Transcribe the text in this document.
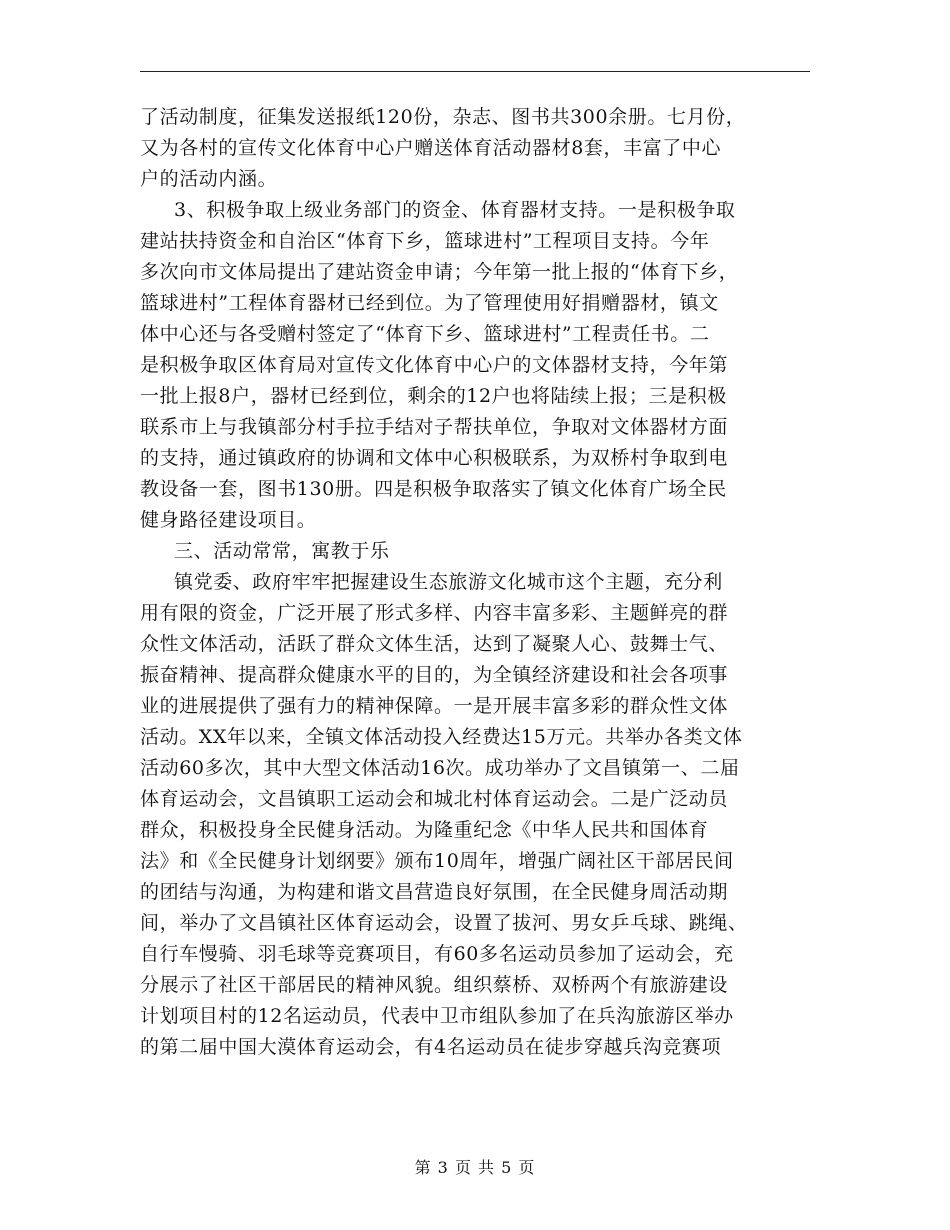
了活动制度，征集发送报纸120份，杂志、图书共300余册。七月份，
又为各村的宣传文化体育中心户赠送体育活动器材8套，丰富了中心
户的活动内涵。
3、积极争取上级业务部门的资金、体育器材支持。一是积极争取
建站扶持资金和自治区“体育下乡，篮球进村”工程项目支持。今年
多次向市文体局提出了建站资金申请；今年第一批上报的“体育下乡，
篮球进村”工程体育器材已经到位。为了管理使用好捐赠器材，镇文
体中心还与各受赠村签定了“体育下乡、篮球进村”工程责任书。二
是积极争取区体育局对宣传文化体育中心户的文体器材支持，今年第
一批上报8户，器材已经到位，剩余的12户也将陆续上报；三是积极
联系市上与我镇部分村手拉手结对子帮扶单位，争取对文体器材方面
的支持，通过镇政府的协调和文体中心积极联系，为双桥村争取到电
教设备一套，图书130册。四是积极争取落实了镇文化体育广场全民
健身路径建设项目。
三、活动常常，寓教于乐
镇党委、政府牢牢把握建设生态旅游文化城市这个主题，充分利
用有限的资金，广泛开展了形式多样、内容丰富多彩、主题鲜亮的群
众性文体活动，活跃了群众文体生活，达到了凝聚人心、鼓舞士气、
振奋精神、提高群众健康水平的目的，为全镇经济建设和社会各项事
业的进展提供了强有力的精神保障。一是开展丰富多彩的群众性文体
活动。XX年以来，全镇文体活动投入经费达15万元。共举办各类文体
活动60多次，其中大型文体活动16次。成功举办了文昌镇第一、二届
体育运动会，文昌镇职工运动会和城北村体育运动会。二是广泛动员
群众，积极投身全民健身活动。为隆重纪念《中华人民共和国体育
法》和《全民健身计划纲要》颁布10周年，增强广阔社区干部居民间
的团结与沟通，为构建和谐文昌营造良好氛围，在全民健身周活动期
间，举办了文昌镇社区体育运动会，设置了拔河、男女乒乓球、跳绳、
自行车慢骑、羽毛球等竞赛项目，有60多名运动员参加了运动会，充
分展示了社区干部居民的精神风貌。组织蔡桥、双桥两个有旅游建设
计划项目村的12名运动员，代表中卫市组队参加了在兵沟旅游区举办
的第二届中国大漠体育运动会，有4名运动员在徒步穿越兵沟竞赛项
第 3 页 共 5 页
